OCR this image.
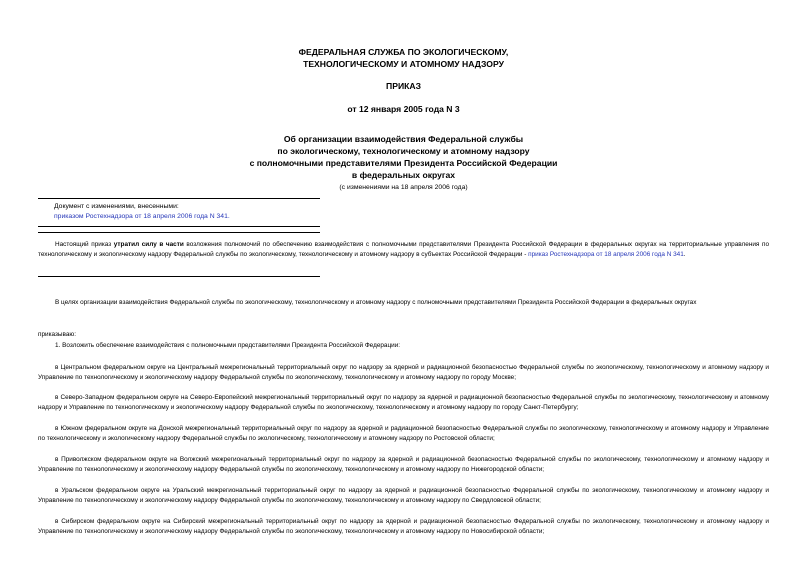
ФЕДЕРАЛЬНАЯ СЛУЖБА ПО ЭКОЛОГИЧЕСКОМУ,
ТЕХНОЛОГИЧЕСКОМУ И АТОМНОМУ НАДЗОРУ
ПРИКАЗ
от 12 января 2005 года N 3
Об организации взаимодействия Федеральной службы
по экологическому, технологическому и атомному надзору
с полномочными представителями Президента Российской Федерации
в федеральных округах
(с изменениями на 18 апреля 2006 года)
Документ с изменениями, внесенными:
приказом Ростехнадзора от 18 апреля 2006 года N 341.
Настоящий приказ утратил силу в части возложения полномочий по обеспечению взаимодействия с полномочными представителями Президента Российской Федерации в федеральных округах на территориальные управления по технологическому и экологическому надзору Федеральной службы по экологическому, технологическому и атомному надзору в субъектах Российской Федерации - приказ Ростехнадзора от 18 апреля 2006 года N 341.
В целях организации взаимодействия Федеральной службы по экологическому, технологическому и атомному надзору с полномочными представителями Президента Российской Федерации в федеральных округах
приказываю:
1. Возложить обеспечение взаимодействия с полномочными представителями Президента Российской Федерации:
в Центральном федеральном округе на Центральный межрегиональный территориальный округ по надзору за ядерной и радиационной безопасностью Федеральной службы по экологическому, технологическому и атомному надзору и Управление по технологическому и экологическому надзору Федеральной службы по экологическому, технологическому и атомному надзору по городу Москве;
в Северо-Западном федеральном округе на Северо-Европейский межрегиональный территориальный округ по надзору за ядерной и радиационной безопасностью Федеральной службы по экологическому, технологическому и атомному надзору и Управление по технологическому и экологическому надзору Федеральной службы по экологическому, технологическому и атомному надзору по городу Санкт-Петербургу;
в Южном федеральном округе на Донской межрегиональный территориальный округ по надзору за ядерной и радиационной безопасностью Федеральной службы по экологическому, технологическому и атомному надзору и Управление по технологическому и экологическому надзору Федеральной службы по экологическому, технологическому и атомному надзору по Ростовской области;
в Приволжском федеральном округе на Волжский межрегиональный территориальный округ по надзору за ядерной и радиационной безопасностью Федеральной службы по экологическому, технологическому и атомному надзору и Управление по технологическому и экологическому надзору Федеральной службы по экологическому, технологическому и атомному надзору по Нижегородской области;
в Уральском федеральном округе на Уральский межрегиональный территориальный округ по надзору за ядерной и радиационной безопасностью Федеральной службы по экологическому, технологическому и атомному надзору и Управление по технологическому и экологическому надзору Федеральной службы по экологическому, технологическому и атомному надзору по Свердловской области;
в Сибирском федеральном округе на Сибирский межрегиональный территориальный округ по надзору за ядерной и радиационной безопасностью Федеральной службы по экологическому, технологическому и атомному надзору и Управление по технологическому и экологическому надзору Федеральной службы по экологическому, технологическому и атомному надзору по Новосибирской области;
